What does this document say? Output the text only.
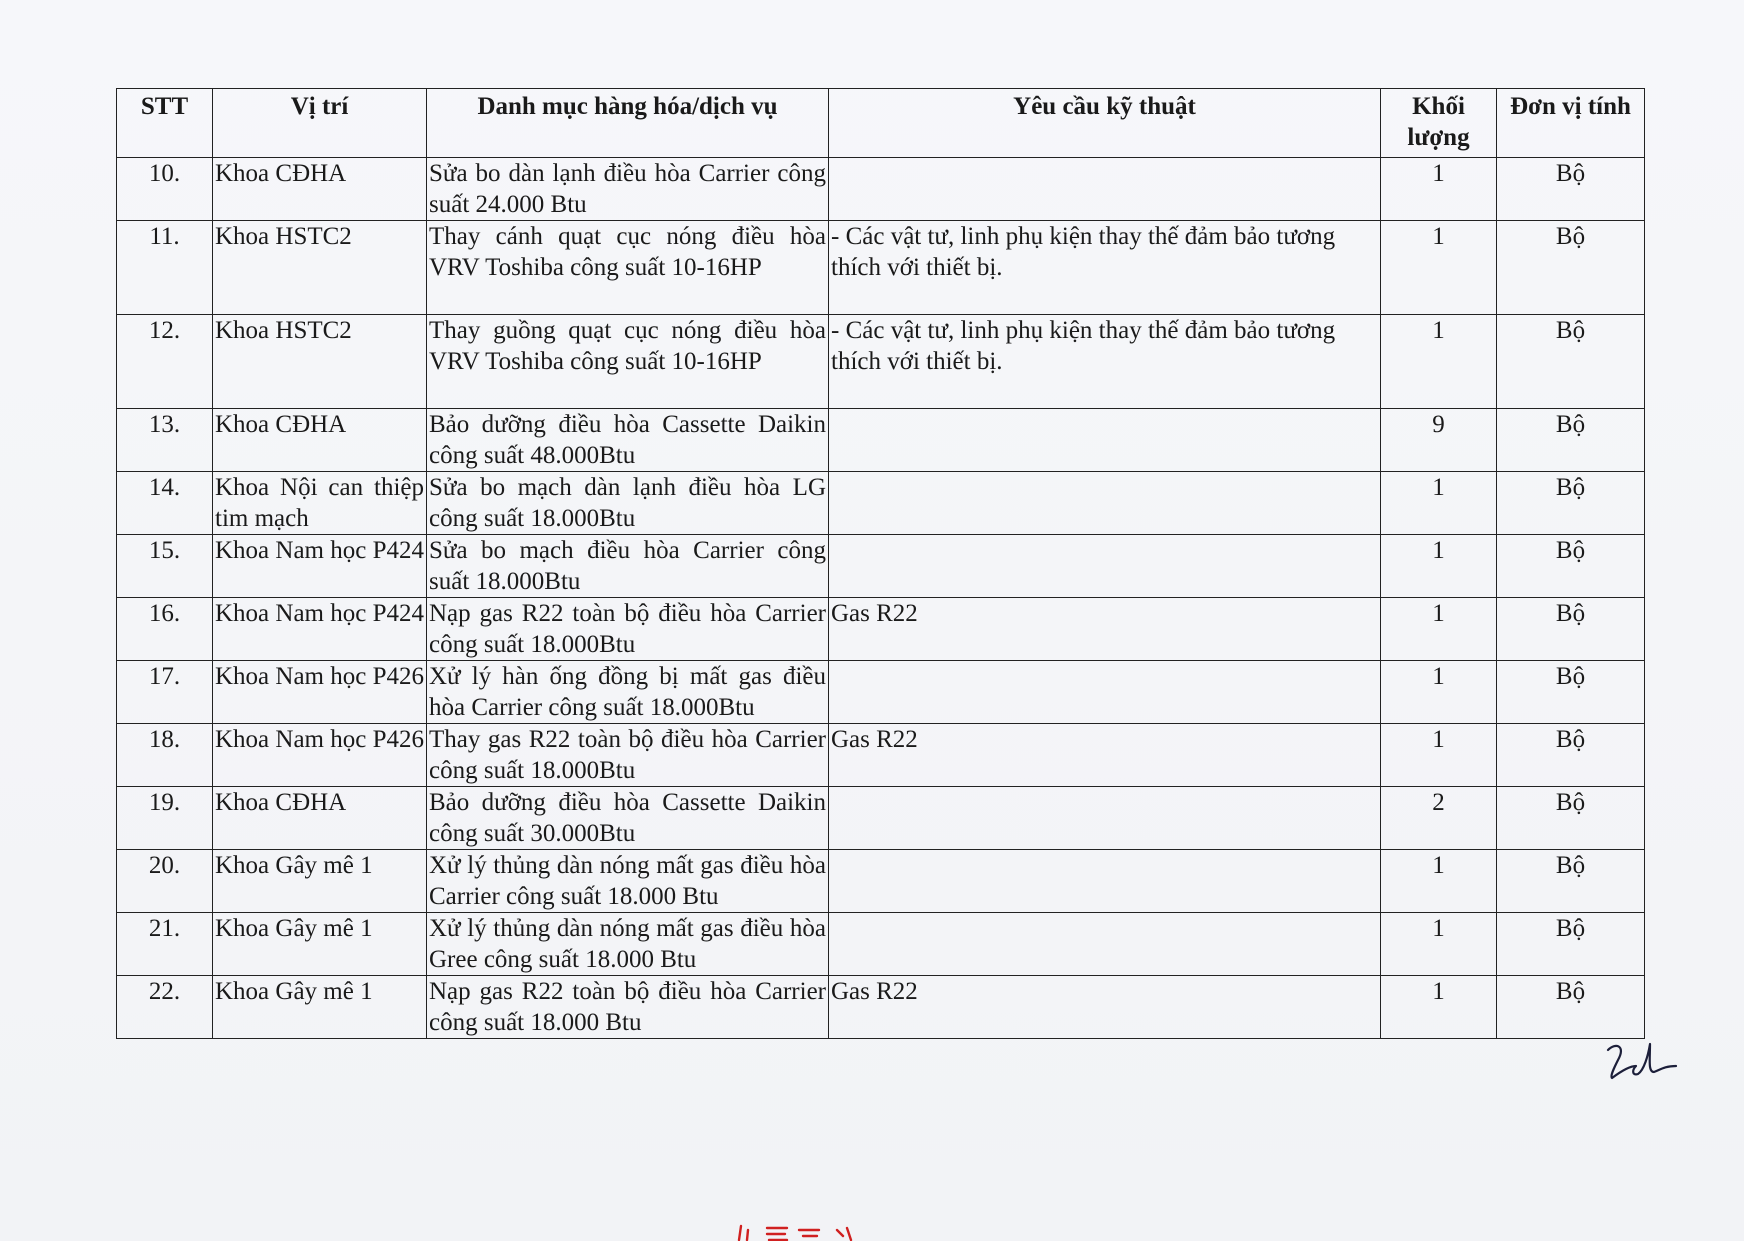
STT	Vị trí	Danh mục hàng hóa/dịch vụ	Yêu cầu kỹ thuật	Khối lượng	Đơn vị tính
10.	Khoa CĐHA	Sửa bo dàn lạnh điều hòa Carrier công suất 24.000 Btu		1	Bộ
11.	Khoa HSTC2	Thay cánh quạt cục nóng điều hòa VRV Toshiba công suất 10-16HP	- Các vật tư, linh phụ kiện thay thế đảm bảo tương thích với thiết bị.	1	Bộ
12.	Khoa HSTC2	Thay guồng quạt cục nóng điều hòa VRV Toshiba công suất 10-16HP	- Các vật tư, linh phụ kiện thay thế đảm bảo tương thích với thiết bị.	1	Bộ
13.	Khoa CĐHA	Bảo dưỡng điều hòa Cassette Daikin công suất 48.000Btu		9	Bộ
14.	Khoa Nội can thiệp tim mạch	Sửa bo mạch dàn lạnh điều hòa LG công suất 18.000Btu		1	Bộ
15.	Khoa Nam học P424	Sửa bo mạch điều hòa Carrier công suất 18.000Btu		1	Bộ
16.	Khoa Nam học P424	Nạp gas R22 toàn bộ điều hòa Carrier công suất 18.000Btu	Gas R22	1	Bộ
17.	Khoa Nam học P426	Xử lý hàn ống đồng bị mất gas điều hòa Carrier công suất 18.000Btu		1	Bộ
18.	Khoa Nam học P426	Thay gas R22 toàn bộ điều hòa Carrier công suất 18.000Btu	Gas R22	1	Bộ
19.	Khoa CĐHA	Bảo dưỡng điều hòa Cassette Daikin công suất 30.000Btu		2	Bộ
20.	Khoa Gây mê 1	Xử lý thủng dàn nóng mất gas điều hòa Carrier công suất 18.000 Btu		1	Bộ
21.	Khoa Gây mê 1	Xử lý thủng dàn nóng mất gas điều hòa Gree công suất 18.000 Btu		1	Bộ
22.	Khoa Gây mê 1	Nạp gas R22 toàn bộ điều hòa Carrier công suất 18.000 Btu	Gas R22	1	Bộ
